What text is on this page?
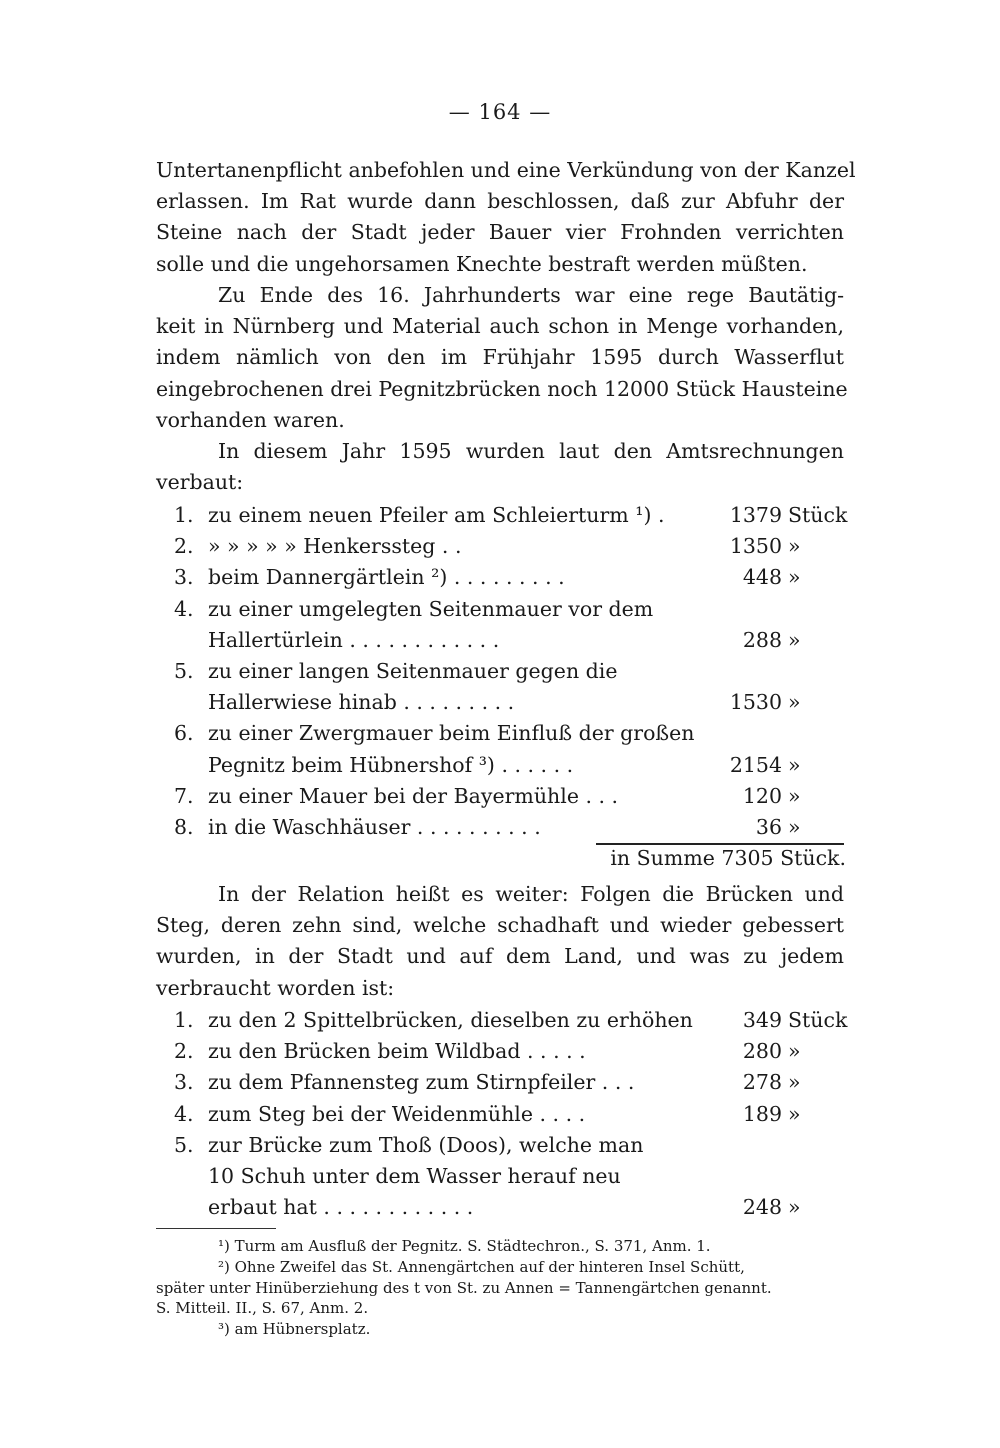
— 164 —

Untertanenpflicht anbefohlen und eine Verkündung von der Kanzel
erlassen. Im Rat wurde dann beschlossen, daß zur Abfuhr der
Steine nach der Stadt jeder Bauer vier Frohnden verrichten
solle und die ungehorsamen Knechte bestraft werden müßten.

Zu Ende des 16. Jahrhunderts war eine rege Bautätig-
keit in Nürnberg und Material auch schon in Menge vorhanden,
indem nämlich von den im Frühjahr 1595 durch Wasserflut
eingebrochenen drei Pegnitzbrücken noch 12000 Stück Hausteine
vorhanden waren.

In diesem Jahr 1595 wurden laut den Amtsrechnungen
verbaut:

1. zu einem neuen Pfeiler am Schleierturm ¹) .	1379 Stück
2. » » » » » Henkerssteg . .	1350 »
3. beim Dannergärtlein ²) . . . . . . . . .	448 »
4. zu einer umgelegten Seitenmauer vor dem
Hallertürlein . . . . . . . . . . . .	288 »
5. zu einer langen Seitenmauer gegen die
Hallerwiese hinab . . . . . . . . .	1530 »
6. zu einer Zwergmauer beim Einfluß der großen
Pegnitz beim Hübnershof ³) . . . . . .	2154 »
7. zu einer Mauer bei der Bayermühle . . .	120 »
8. in die Waschhäuser . . . . . . . . . .	36 »
in Summe 7305 Stück.

In der Relation heißt es weiter: Folgen die Brücken und
Steg, deren zehn sind, welche schadhaft und wieder gebessert
wurden, in der Stadt und auf dem Land, und was zu jedem
verbraucht worden ist:

1. zu den 2 Spittelbrücken, dieselben zu erhöhen	349 Stück
2. zu den Brücken beim Wildbad . . . . .	280 »
3. zu dem Pfannensteg zum Stirnpfeiler . . .	278 »
4. zum Steg bei der Weidenmühle . . . .	189 »
5. zur Brücke zum Thoß (Doos), welche man
10 Schuh unter dem Wasser herauf neu
erbaut hat . . . . . . . . . . . .	248 »
¹) Turm am Ausfluß der Pegnitz. S. Städtechron., S. 371, Anm. 1.
²) Ohne Zweifel das St. Annengärtchen auf der hinteren Insel Schütt,
später unter Hinüberziehung des t von St. zu Annen = Tannengärtchen genannt.
S. Mitteil. II., S. 67, Anm. 2.
³) am Hübnersplatz.
